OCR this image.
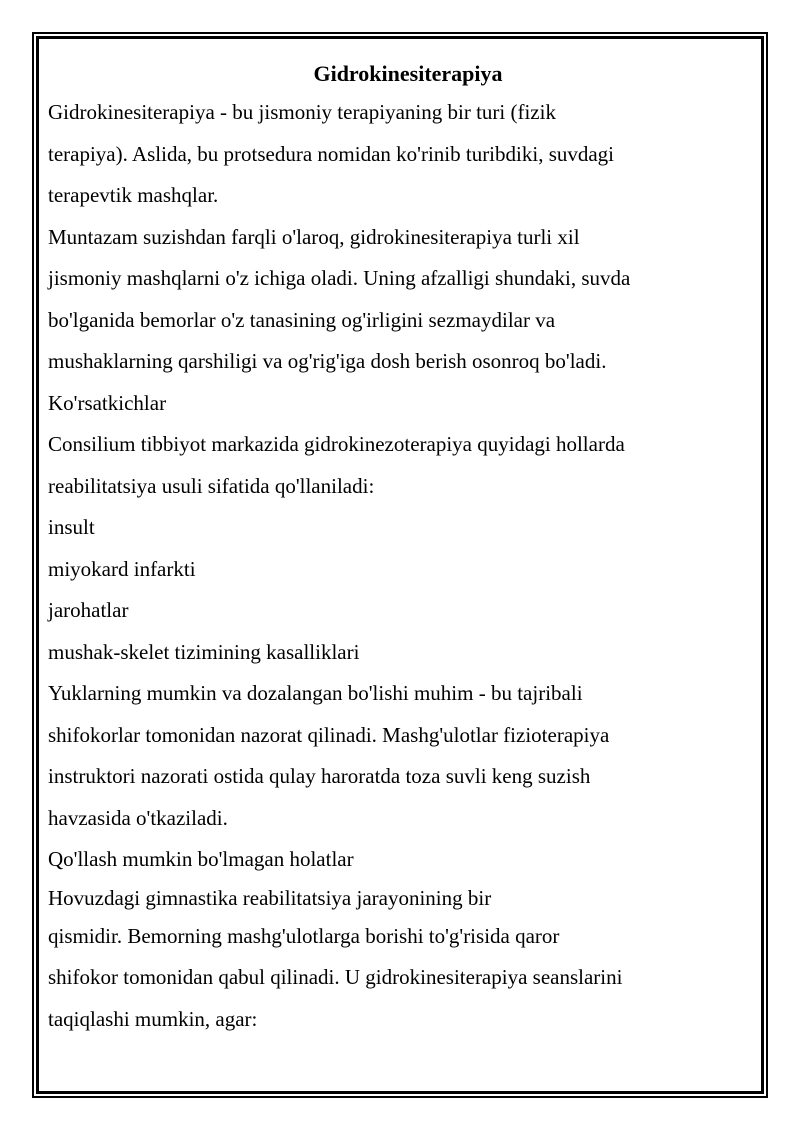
Gidrokinesiterapiya
Gidrokinesiterapiya - bu jismoniy terapiyaning bir turi (fizik
terapiya). Aslida, bu protsedura nomidan ko'rinib turibdiki, suvdagi
terapevtik mashqlar.
Muntazam suzishdan farqli o'laroq, gidrokinesiterapiya turli xil
jismoniy mashqlarni o'z ichiga oladi. Uning afzalligi shundaki, suvda
bo'lganida bemorlar o'z tanasining og'irligini sezmaydilar va
mushaklarning qarshiligi va og'rig'iga dosh berish osonroq bo'ladi.
Ko'rsatkichlar
Consilium tibbiyot markazida gidrokinezoterapiya quyidagi hollarda
reabilitatsiya usuli sifatida qo'llaniladi:
insult
miyokard infarkti
jarohatlar
mushak-skelet tizimining kasalliklari
Yuklarning mumkin va dozalangan bo'lishi muhim - bu tajribali
shifokorlar tomonidan nazorat qilinadi. Mashg'ulotlar fizioterapiya
instruktori nazorati ostida qulay haroratda toza suvli keng suzish
havzasida o'tkaziladi.
Qo'llash mumkin bo'lmagan holatlar
Hovuzdagi gimnastika reabilitatsiya jarayonining bir
qismidir. Bemorning mashg'ulotlarga borishi to'g'risida qaror
shifokor tomonidan qabul qilinadi. U gidrokinesiterapiya seanslarini
taqiqlashi mumkin, agar:
